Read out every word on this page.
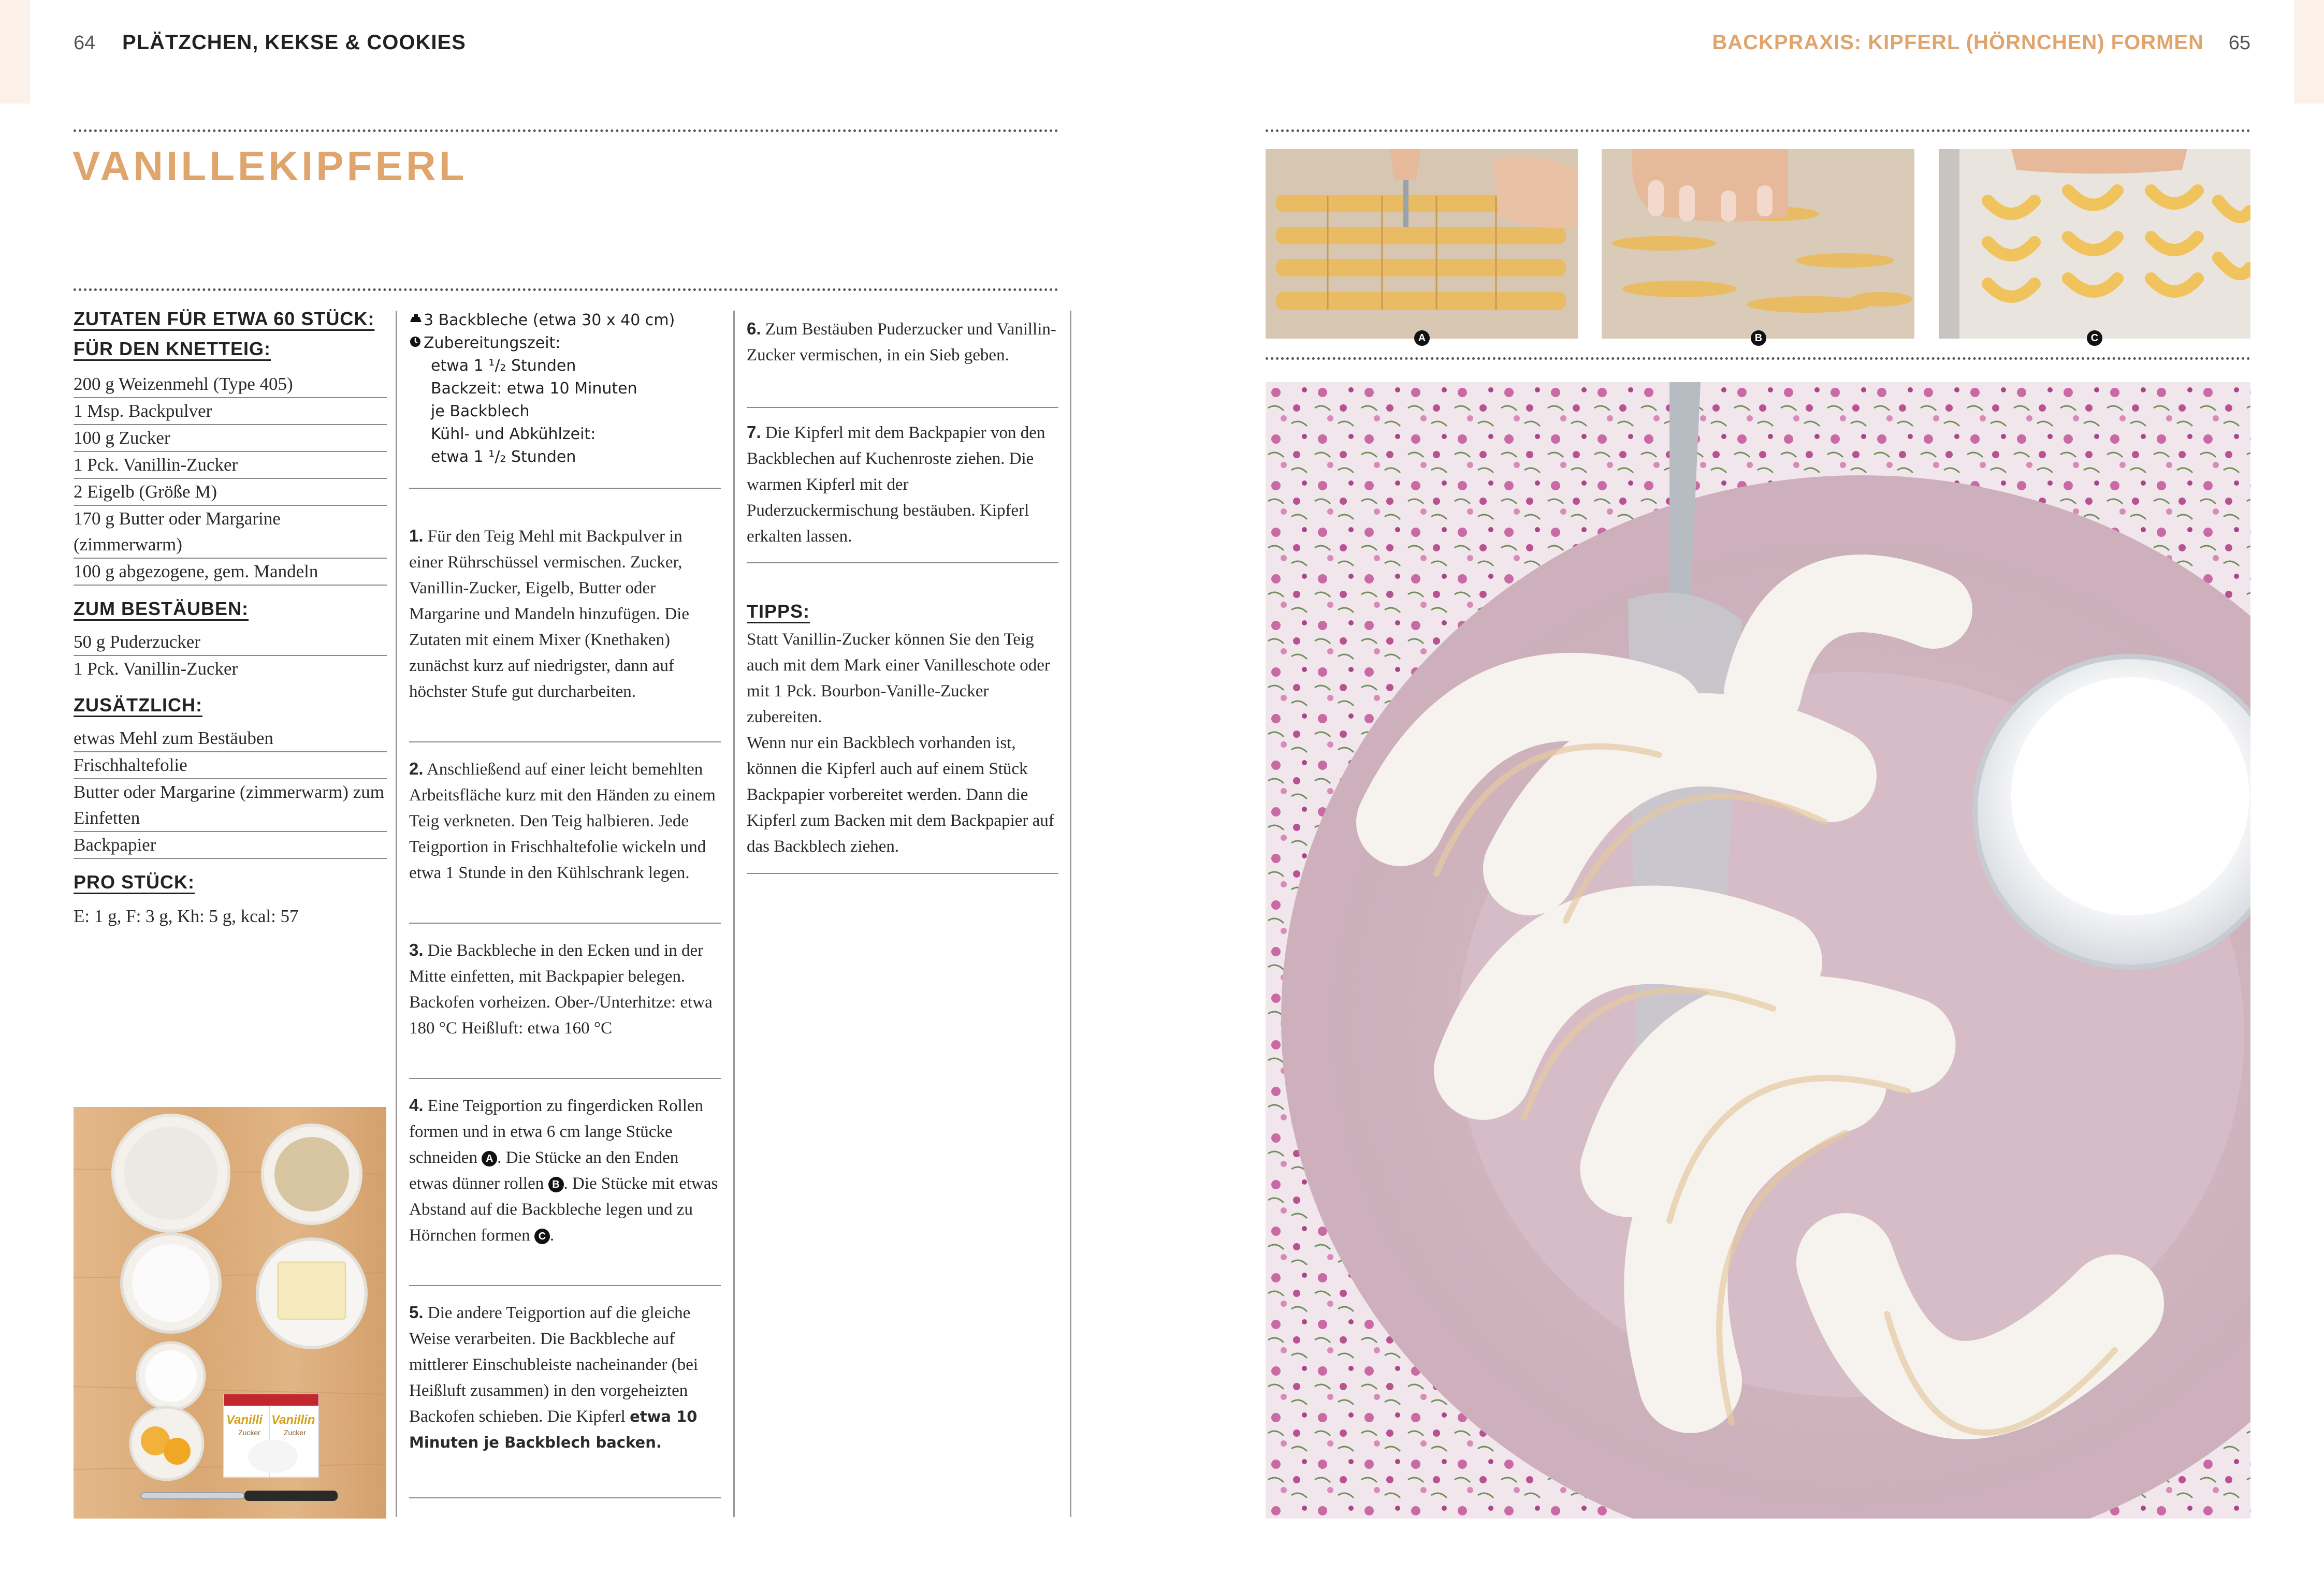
64 PLÄTZCHEN, KEKSE & COOKIES
VANILLEKIPFERL
ZUTATEN FÜR ETWA 60 STÜCK:
FÜR DEN KNETTEIG:
200 g Weizenmehl (Type 405)
1 Msp. Backpulver
100 g Zucker
1 Pck. Vanillin-Zucker
2 Eigelb (Größe M)
170 g Butter oder Margarine (zimmerwarm)
100 g abgezogene, gem. Mandeln
ZUM BESTÄUBEN:
50 g Puderzucker
1 Pck. Vanillin-Zucker
ZUSÄTZLICH:
etwas Mehl zum Bestäuben
Frischhaltefolie
Butter oder Margarine (zimmerwarm) zum Einfetten
Backpapier
PRO STÜCK:
E: 1 g, F: 3 g, Kh: 5 g, kcal: 57
Vanilli Vanillin
Zucker	Zucker
3 Backbleche (etwa 30 x 40 cm)
Zubereitungszeit:
etwa 1 ¹/₂ Stunden
Backzeit: etwa 10 Minuten
je Backblech
Kühl- und Abkühlzeit:
etwa 1 ¹/₂ Stunden
1. Für den Teig Mehl mit Backpulver in einer Rührschüssel vermischen. Zucker, Vanillin-Zucker, Eigelb, Butter oder Margarine und Mandeln hinzufügen. Die Zutaten mit einem Mixer (Knethaken) zunächst kurz auf niedrigster, dann auf höchster Stufe gut durcharbeiten.
2. Anschließend auf einer leicht bemehlten Arbeitsfläche kurz mit den Händen zu einem Teig verkneten. Den Teig halbieren. Jede Teigportion in Frischhaltefolie wickeln und etwa 1 Stunde in den Kühlschrank legen.
3. Die Backbleche in den Ecken und in der Mitte einfetten, mit Backpapier belegen. Backofen vorheizen. Ober-/Unterhitze: etwa 180 °C Heißluft: etwa 160 °C
4. Eine Teigportion zu fingerdicken Rollen formen und in etwa 6 cm lange Stücke schneiden A . Die Stücke an den Enden etwas dünner rollen B . Die Stücke mit etwas Abstand auf die Backbleche legen und zu Hörnchen formen C .
5. Die andere Teigportion auf die gleiche Weise verarbeiten. Die Backbleche auf mittlerer Einschubleiste nacheinander (bei Heißluft zusammen) in den vorgeheizten Backofen schieben. Die Kipferl etwa 10 Minuten je Backblech backen.
6. Zum Bestäuben Puderzucker und Vanillin-Zucker vermischen, in ein Sieb geben.
7. Die Kipferl mit dem Backpapier von den Backblechen auf Kuchenroste ziehen. Die warmen Kipferl mit der Puderzuckermischung bestäuben. Kipferl erkalten lassen.
TIPPS:
Statt Vanillin-Zucker können Sie den Teig auch mit dem Mark einer Vanilleschote oder mit 1 Pck. Bourbon-Vanille-Zucker zubereiten.
Wenn nur ein Backblech vorhanden ist, können die Kipferl auch auf einem Stück Backpapier vorbereitet werden. Dann die Kipferl zum Backen mit dem Backpapier auf das Backblech ziehen.
BACKPRAXIS: KIPFERL (HÖRNCHEN) FORMEN 65
A	B	C
